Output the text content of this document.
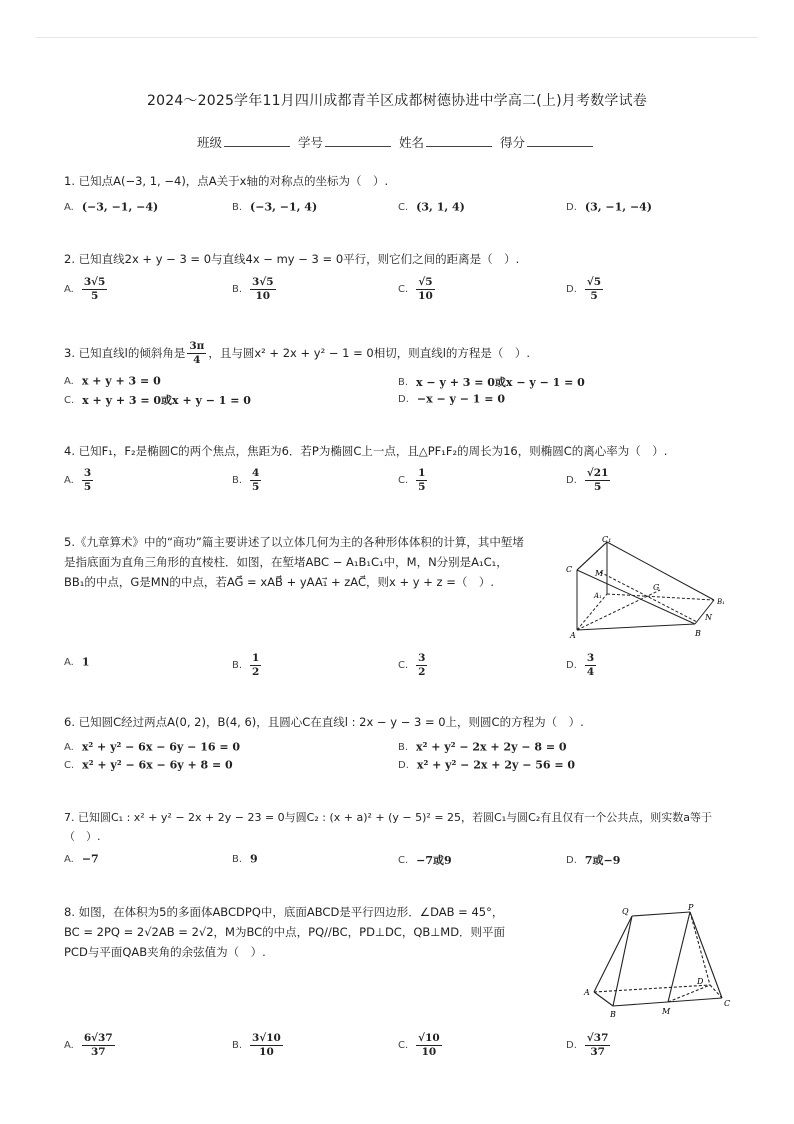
2024～2025学年11月四川成都青羊区成都树德协进中学高二(上)月考数学试卷
班级	学号	姓名	得分
1. 已知点A(−3, 1, −4)，点A关于x轴的对称点的坐标为（　）.
A. (−3, −1, −4)	B. (−3, −1, 4)	C. (3, 1, 4)	D. (3, −1, −4)
2. 已知直线2x + y − 3 = 0与直线4x − my − 3 = 0平行，则它们之间的距离是（　）.
A. $\frac{3√5}{5}$	B. $\frac{3√5}{10}$	C. $\frac{√5}{10}$	D. $\frac{√5}{5}$
3. 已知直线l的倾斜角是 $\frac{3\pi}{4}$ ，且与圆x² + 2x + y² − 1 = 0相切，则直线l的方程是（　）.
A. x + y + 3 = 0	B. x − y + 3 = 0或x − y − 1 = 0
C. x + y + 3 = 0或x + y − 1 = 0	D. −x − y − 1 = 0
4. 已知F₁，F₂是椭圆C的两个焦点，焦距为6．若P为椭圆C上一点，且△PF₁F₂的周长为16，则椭圆C的离心率为（　）.
A. $\frac{3}{5}$	B. $\frac{4}{5}$	C. $\frac{1}{5}$	D. $\frac{√21}{5}$
5.《九章算术》中的“商功”篇主要讲述了以立体几何为主的各种形体体积的计算，其中堑堵
是指底面为直角三角形的直棱柱．如图，在堑堵ABC − A₁B₁C₁中，M，N分别是A₁C₁，
BB₁的中点，G是MN的中点，若AG⃗ = xAB⃗ + yAA₁⃗ + zAC⃗，则x + y + z =（　）.
C₁
C	M
G
A₁
B₁
N
A	B
A. 1	B. $\frac{1}{2}$	C. $\frac{3}{2}$	D. $\frac{3}{4}$
6. 已知圆C经过两点A(0, 2)，B(4, 6)，且圆心C在直线l : 2x − y − 3 = 0上，则圆C的方程为（　）.
A. x² + y² − 6x − 6y − 16 = 0	B. x² + y² − 2x + 2y − 8 = 0
C. x² + y² − 6x − 6y + 8 = 0	D. x² + y² − 2x + 2y − 56 = 0
7. 已知圆C₁ : x² + y² − 2x + 2y − 23 = 0与圆C₂ : (x + a)² + (y − 5)² = 25，若圆C₁与圆C₂有且仅有一个公共点，则实数a等于
（　）.
A. −7	B. 9	C. −7或9	D. 7或−9
8. 如图，在体积为5的多面体ABCDPQ中，底面ABCD是平行四边形．∠DAB = 45°，
BC = 2PQ = 2√2AB = 2√2，M为BC的中点，PQ//BC，PD⊥DC，QB⊥MD．则平面
PCD与平面QAB夹角的余弦值为（　）.
Q	P
A
B	M
D
C
A. $\frac{6√37}{37}$	B. $\frac{3√10}{10}$	C. $\frac{√10}{10}$	D. $\frac{√37}{37}$
